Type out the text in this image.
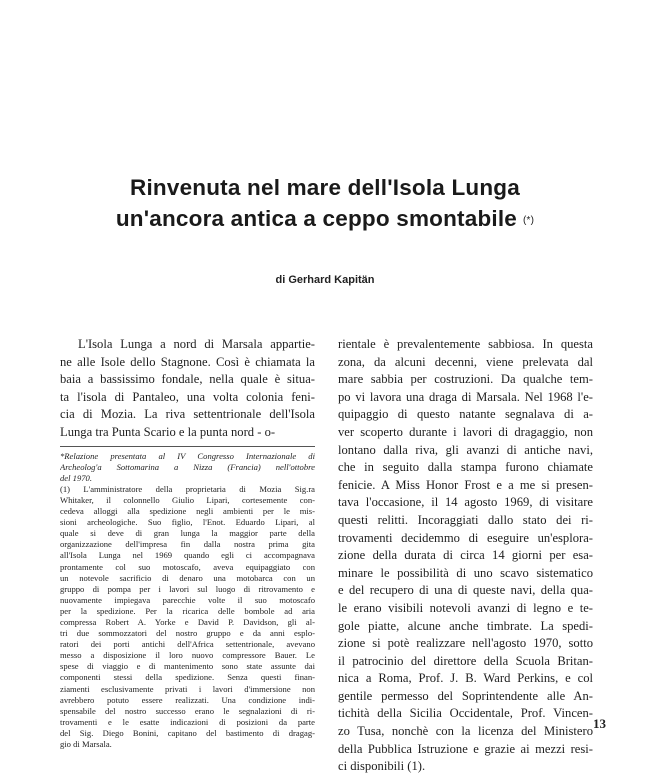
Rinvenuta nel mare dell'Isola Lunga
un'ancora antica a ceppo smontabile (*)
di Gerhard Kapitän

L'Isola Lunga a nord di Marsala appartie-
ne alle Isole dello Stagnone. Così è chiamata la
baia a bassissimo fondale, nella quale è situa-
ta l'isola di Pantaleo, una volta colonia feni-
cia di Mozia. La riva settentrionale dell'Isola
Lunga tra Punta Scario e la punta nord - o-

*Relazione presentata al IV Congresso Internazionale di
Archeolog'a Sottomarina a Nizza (Francia) nell'ottobre
del 1970.

(1) L'amministratore della proprietaria di Mozia Sig.ra
Whitaker, il colonnello Giulio Lipari, cortesemente con-
cedeva alloggi alla spedizione negli ambienti per le mis-
sioni archeologiche. Suo figlio, l'Enot. Eduardo Lipari, al
quale si deve di gran lunga la maggior parte della
organizzazione dell'impresa fin dalla nostra prima gita
all'Isola Lunga nel 1969 quando egli ci accompagnava
prontamente col suo motoscafo, aveva equipaggiato con
un notevole sacrificio di denaro una motobarca con un
gruppo di pompa per i lavori sul luogo di ritrovamento e
nuovamente impiegava parecchie volte il suo motoscafo
per la spedizione. Per la ricarica delle bombole ad aria
compressa Robert A. Yorke e David P. Davidson, gli al-
tri due sommozzatori del nostro gruppo e da anni esplo-
ratori dei porti antichi dell'Africa settentrionale, avevano
messo a disposizione il loro nuovo compressore Bauer. Le
spese di viaggio e di mantenimento sono state assunte dai
componenti stessi della spedizione. Senza questi finan-
ziamenti esclusivamente privati i lavori d'immersione non
avrebbero potuto essere realizzati. Una condizione indi-
spensabile del nostro successo erano le segnalazioni di ri-
trovamenti e le esatte indicazioni di posizioni da parte
del Sig. Diego Bonini, capitano del bastimento di dragag-
gio di Marsala.

rientale è prevalentemente sabbiosa. In questa
zona, da alcuni decenni, viene prelevata dal
mare sabbia per costruzioni. Da qualche tem-
po vi lavora una draga di Marsala. Nel 1968 l'e-
quipaggio di questo natante segnalava di a-
ver scoperto durante i lavori di dragaggio, non
lontano dalla riva, gli avanzi di antiche navi,
che in seguito dalla stampa furono chiamate
fenicie. A Miss Honor Frost e a me si presen-
tava l'occasione, il 14 agosto 1969, di visitare
questi relitti. Incoraggiati dallo stato dei ri-
trovamenti decidemmo di eseguire un'esplora-
zione della durata di circa 14 giorni per esa-
minare le possibilità di uno scavo sistematico
e del recupero di una di queste navi, della qua-
le erano visibili notevoli avanzi di legno e te-
gole piatte, alcune anche timbrate. La spedi-
zione si potè realizzare nell'agosto 1970, sotto
il patrocinio del direttore della Scuola Britan-
nica a Roma, Prof. J. B. Ward Perkins, e col
gentile permesso del Soprintendente alle An-
tichità della Sicilia Occidentale, Prof. Vincen-
zo Tusa, nonchè con la licenza del Ministero
della Pubblica Istruzione e grazie ai mezzi resi-
ci disponibili (1).

13
